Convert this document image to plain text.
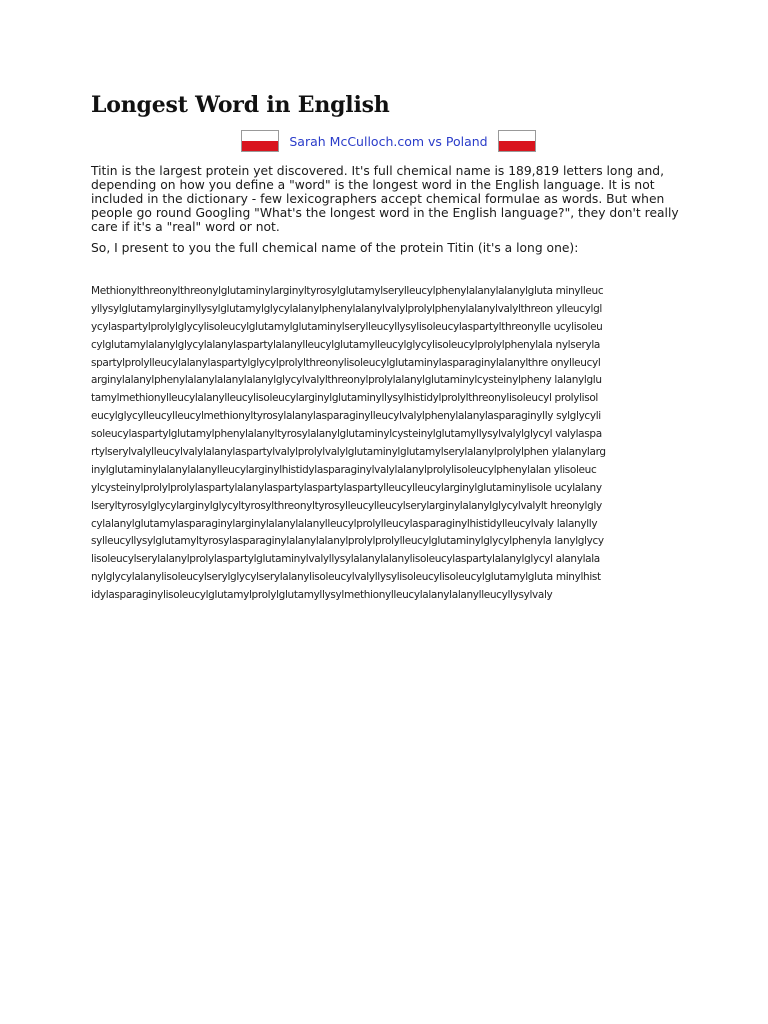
Longest Word in English
Sarah McCulloch.com vs Poland

Titin is the largest protein yet discovered. It's full chemical name is 189,819 letters long and, depending on how you define a "word" is the longest word in the English language. It is not included in the dictionary - few lexicographers accept chemical formulae as words. But when people go round Googling "What's the longest word in the English language?", they don't really care if it's a "real" word or not.

So, I present to you the full chemical name of the protein Titin (it's a long one):

Methionylthreonylthreonylglutaminylarginyltyrosylglutamylserylleucylphenylalanylalanylgluta minylleuc

yllysylglutamylarginyllysylglutamylglycylalanylphenylalanylvalylprolylphenylalanylvalylthreon ylleucylgl

ycylaspartylprolylglycylisoleucylglutamylglutaminylserylleucyllysylisoleucylaspartylthreonylle ucylisoleu

cylglutamylalanylglycylalanylaspartylalanylleucylglutamylleucylglycylisoleucylprolylphenylala nylseryla

spartylprolylleucylalanylaspartylglycylprolylthreonylisoleucylglutaminylasparaginylalanylthre onylleucyl

arginylalanylphenylalanylalanylalanylglycylvalylthreonylprolylalanylglutaminylcysteinylpheny lalanylglu

tamylmethionylleucylalanylleucylisoleucylarginylglutaminyllysylhistidylprolylthreonylisoleucyl prolylisol

eucylglycylleucylleucylmethionyltyrosylalanylasparaginylleucylvalylphenylalanylasparaginylly sylglycyli

soleucylaspartylglutamylphenylalanyltyrosylalanylglutaminylcysteinylglutamyllysylvalylglycyl valylaspa

rtylserylvalylleucylvalylalanylaspartylvalylprolylvalylglutaminylglutamylserylalanylprolylphen ylalanylarg

inylglutaminylalanylalanylleucylarginylhistidylasparaginylvalylalanylprolylisoleucylphenylalan ylisoleuc

ylcysteinylprolylprolylaspartylalanylaspartylaspartylaspartylleucylleucylarginylglutaminylisole ucylalany

lseryltyrosylglycylarginylglycyltyrosylthreonyltyrosylleucylleucylserylarginylalanylglycylvalylt hreonylgly

cylalanylglutamylasparaginylarginylalanylalanylleucylprolylleucylasparaginylhistidylleucylvaly lalanylly

sylleucyllysylglutamyltyrosylasparaginylalanylalanylprolylprolylleucylglutaminylglycylphenyla lanylglycy

lisoleucylserylalanylprolylaspartylglutaminylvalyllysylalanylalanylisoleucylaspartylalanylglycyl alanylala

nylglycylalanylisoleucylserylglycylserylalanylisoleucylvalyllysylisoleucylisoleucylglutamylgluta minylhist

idylasparaginylisoleucylglutamylprolylglutamyllysylmethionylleucylalanylalanylleucyllysylvaly
